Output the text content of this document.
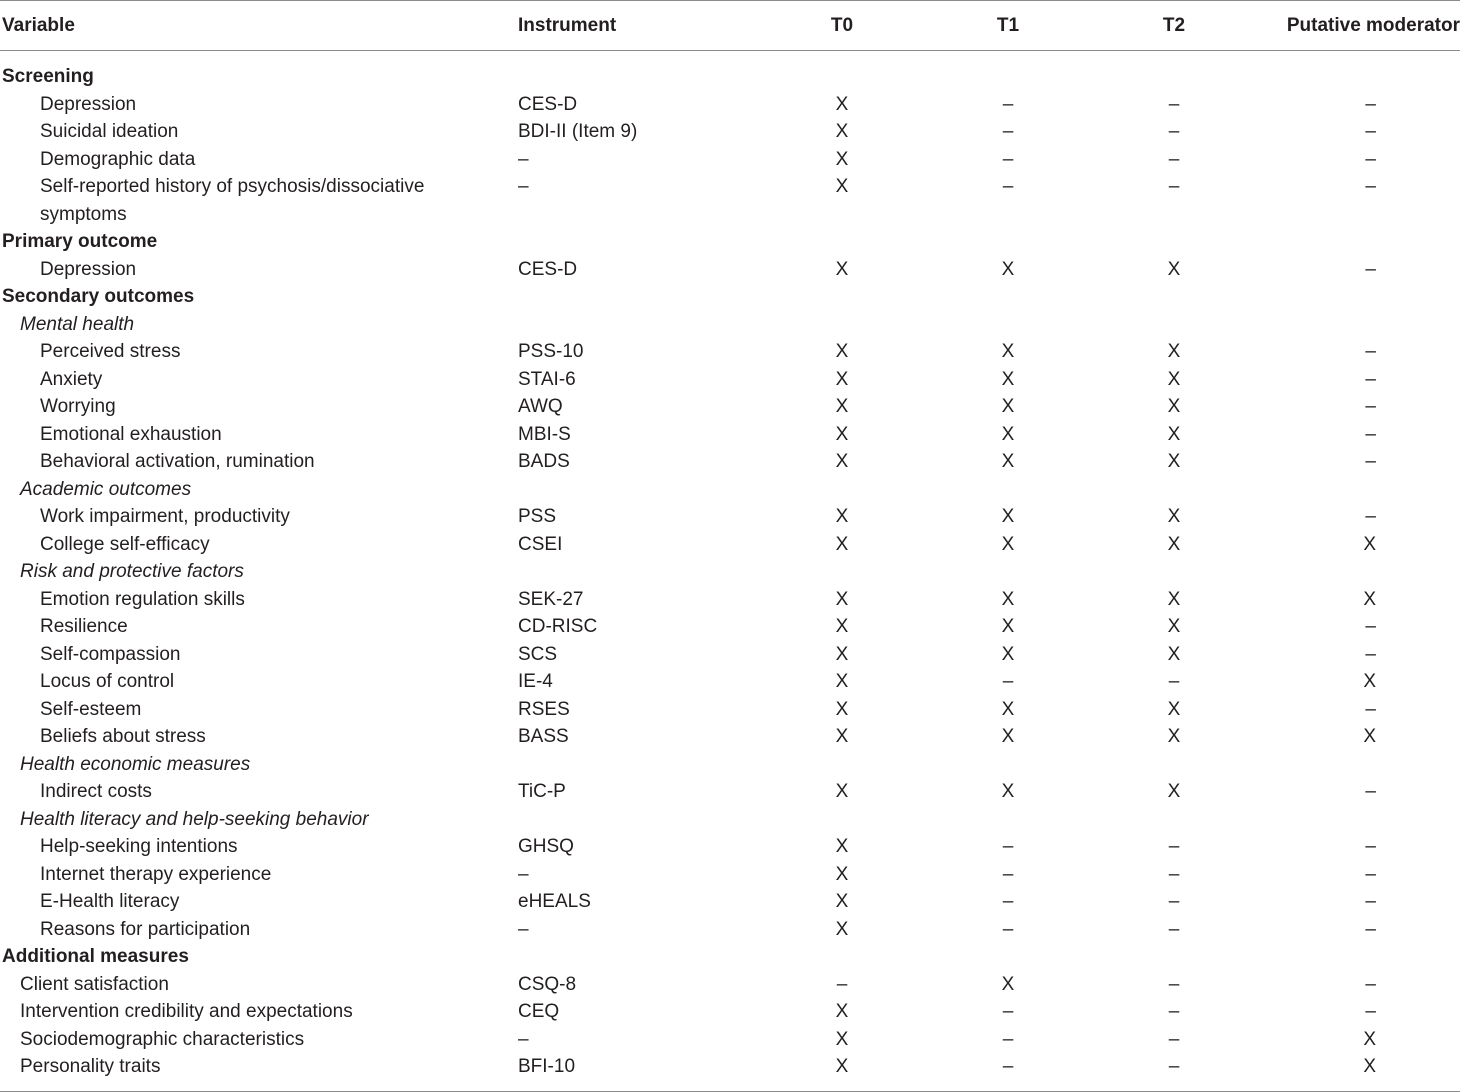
Variable	Instrument	T0	T1	T2	Putative moderator
Screening					
Depression	CES-D	X	–	–	–
Suicidal ideation	BDI-II (Item 9)	X	–	–	–
Demographic data	–	X	–	–	–
Self-reported history of psychosis/dissociative symptoms	–	X	–	–	–
Primary outcome					
Depression	CES-D	X	X	X	–
Secondary outcomes					
Mental health					
Perceived stress	PSS-10	X	X	X	–
Anxiety	STAI-6	X	X	X	–
Worrying	AWQ	X	X	X	–
Emotional exhaustion	MBI-S	X	X	X	–
Behavioral activation, rumination	BADS	X	X	X	–
Academic outcomes					
Work impairment, productivity	PSS	X	X	X	–
College self-efficacy	CSEI	X	X	X	X
Risk and protective factors					
Emotion regulation skills	SEK-27	X	X	X	X
Resilience	CD-RISC	X	X	X	–
Self-compassion	SCS	X	X	X	–
Locus of control	IE-4	X	–	–	X
Self-esteem	RSES	X	X	X	–
Beliefs about stress	BASS	X	X	X	X
Health economic measures					
Indirect costs	TiC-P	X	X	X	–
Health literacy and help-seeking behavior					
Help-seeking intentions	GHSQ	X	–	–	–
Internet therapy experience	–	X	–	–	–
E-Health literacy	eHEALS	X	–	–	–
Reasons for participation	–	X	–	–	–
Additional measures					
Client satisfaction	CSQ-8	–	X	–	–
Intervention credibility and expectations	CEQ	X	–	–	–
Sociodemographic characteristics	–	X	–	–	X
Personality traits	BFI-10	X	–	–	X
